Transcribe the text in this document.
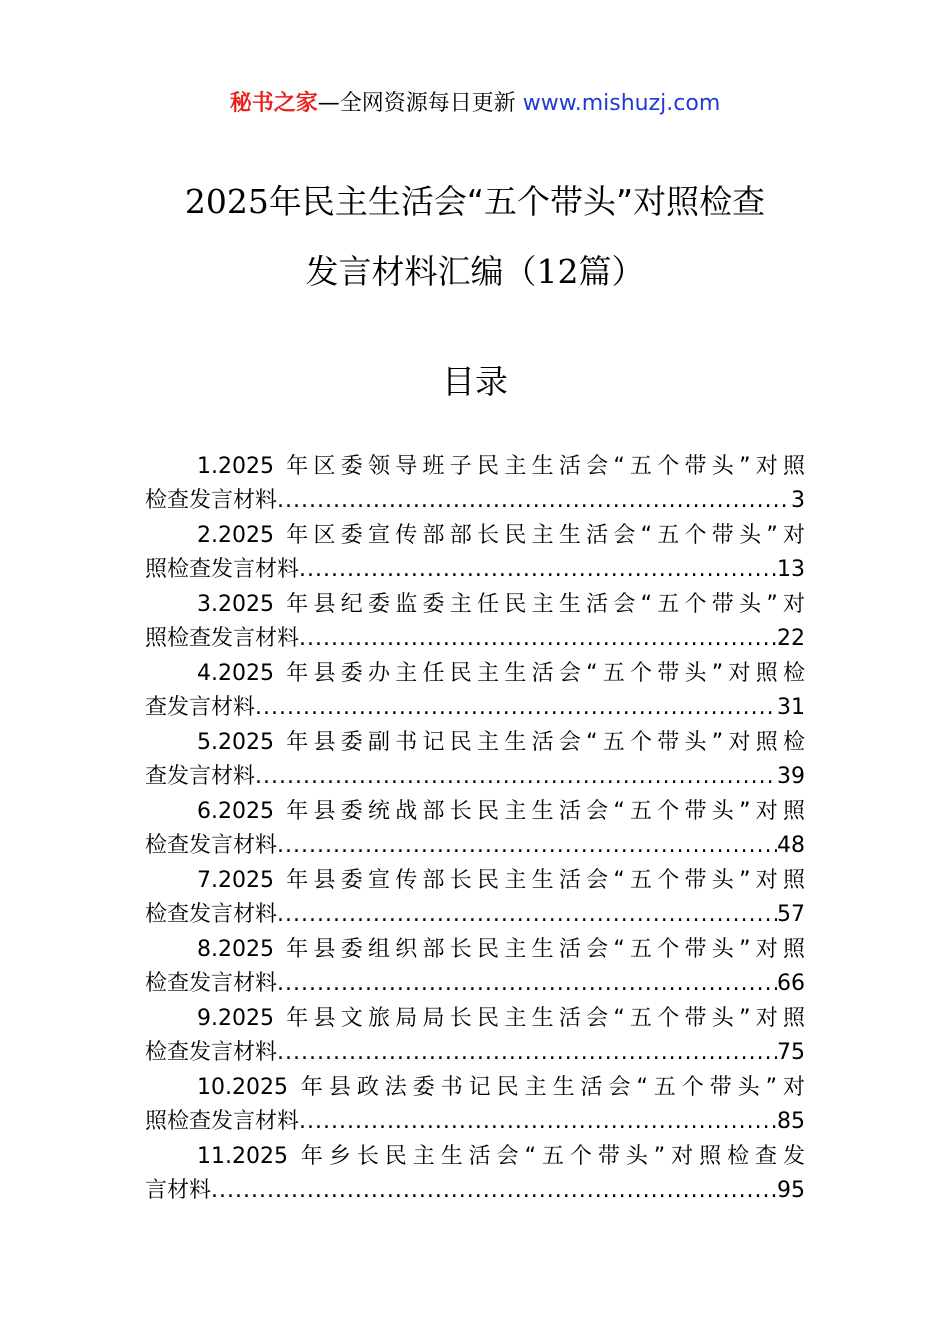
秘书之家—全网资源每日更新 www.mishuzj.com
2025年民主生活会“五个带头”对照检查
发言材料汇编（12篇）
目录
1.2025 年区委领导班子民主生活会“五个带头”对照
检查发言材料 .....	3
2.2025 年区委宣传部部长民主生活会“五个带头”对
照检查发言材料 .....	13
3.2025 年县纪委监委主任民主生活会“五个带头”对
照检查发言材料 .....	22
4.2025 年县委办主任民主生活会“五个带头”对照检
查发言材料 .....	31
5.2025 年县委副书记民主生活会“五个带头”对照检
查发言材料 .....	39
6.2025 年县委统战部长民主生活会“五个带头”对照
检查发言材料 .....	48
7.2025 年县委宣传部长民主生活会“五个带头”对照
检查发言材料 .....	57
8.2025 年县委组织部长民主生活会“五个带头”对照
检查发言材料 .....	66
9.2025 年县文旅局局长民主生活会“五个带头”对照
检查发言材料 .....	75
10.2025 年县政法委书记民主生活会“五个带头”对
照检查发言材料 .....	85
11.2025 年乡长民主生活会“五个带头”对照检查发
言材料 .....	95
